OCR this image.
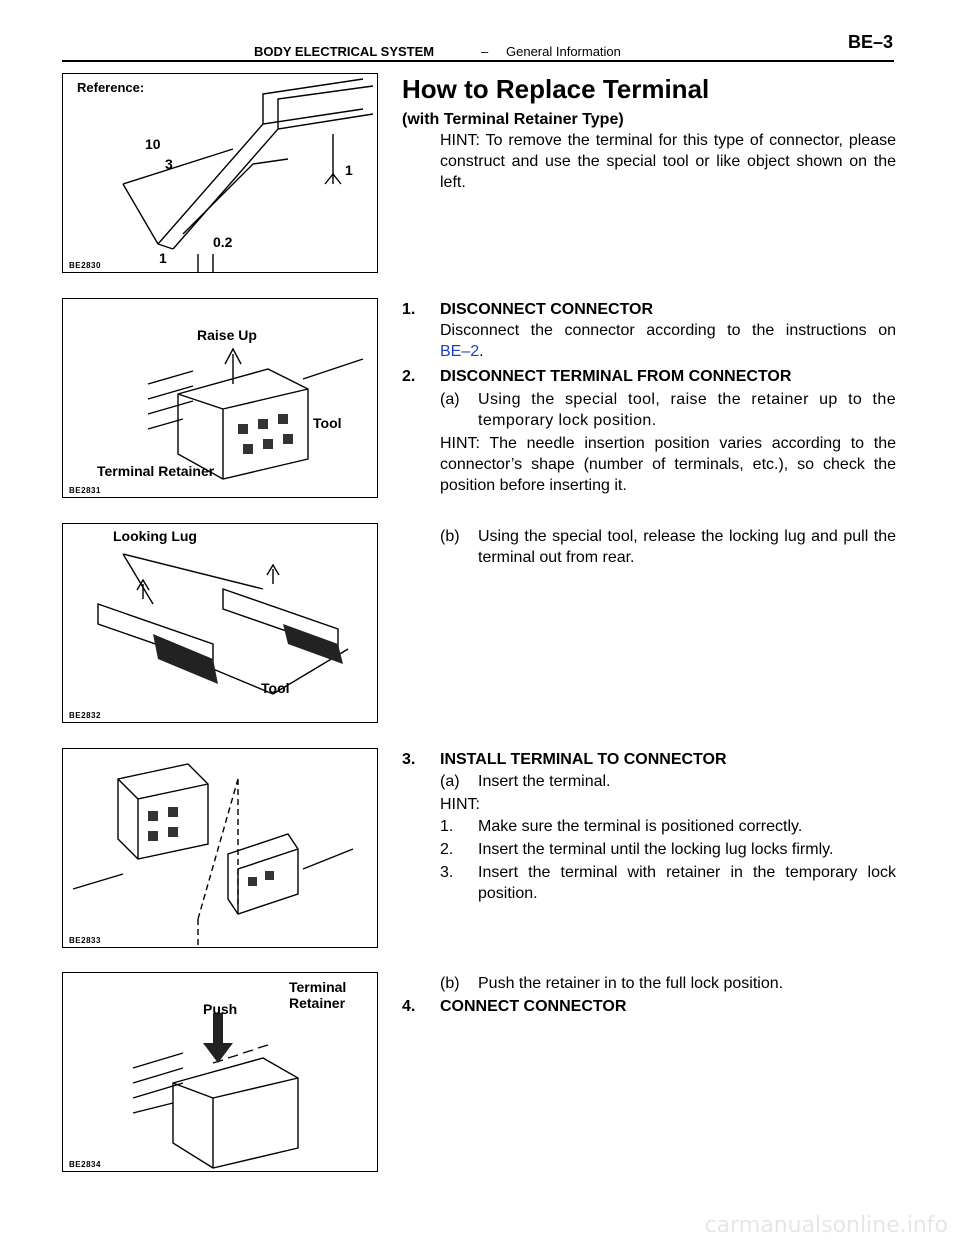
BODY ELECTRICAL SYSTEM	– General Information	BE–3
Reference:
10
3	1
0.2
1
BE2830
Raise Up
Tool
Terminal Retainer
BE2831
Looking Lug
Tool
BE2832
BE2833
Push
Terminal
Retainer
BE2834
How to Replace Terminal
(with Terminal Retainer Type)
HINT: To remove the terminal for this type of connector, please construct and use the special tool or like object shown on the left.
1. DISCONNECT CONNECTOR
Disconnect the connector according to the instructions on
BE–2.
2. DISCONNECT TERMINAL FROM CONNECTOR
(a) Using the special tool, raise the retainer up to the temporary lock position.
HINT: The needle insertion position varies according to the connector’s shape (number of terminals, etc.), so check the position before inserting it.
(b) Using the special tool, release the locking lug and pull the terminal out from rear.
3. INSTALL TERMINAL TO CONNECTOR
(a) Insert the terminal.
HINT:
1. Make sure the terminal is positioned correctly.
2. Insert the terminal until the locking lug locks firmly.
3. Insert the terminal with retainer in the temporary lock position.
(b) Push the retainer in to the full lock position.
4. CONNECT CONNECTOR
carmanualsonline.info
